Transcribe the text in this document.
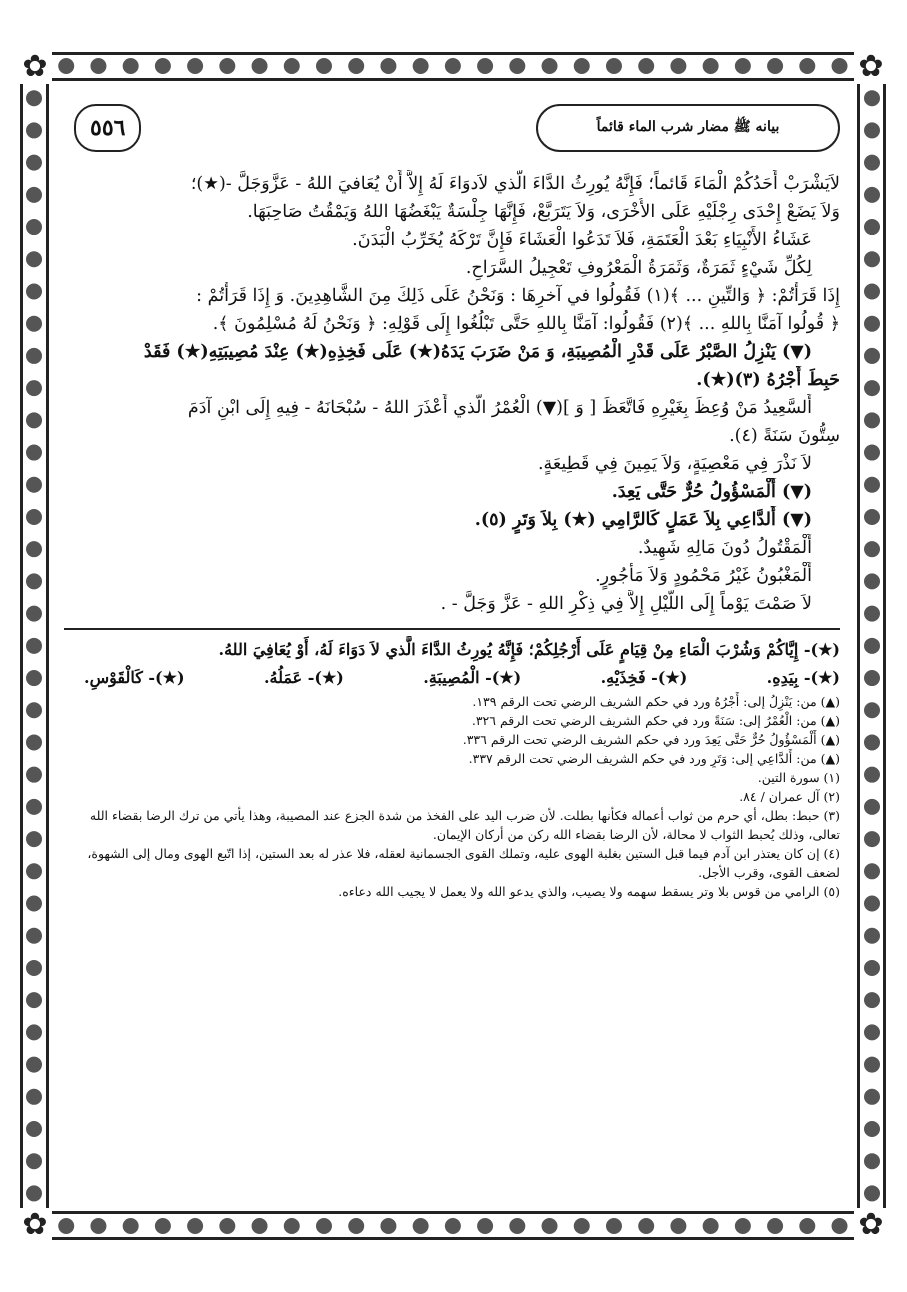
✿	✿
✿	✿
بيانه ﷺ مضار شرب الماء قائماً
٥٥٦
لاَيَشْرَبْ أَحَدُكُمْ الْمَاءَ قَائماً؛ فَإِنَّهُ يُورِثُ الدَّاءَ الَّذي لاَدوَاءَ لَهُ إِلاَّ أَنْ يُعَافيَ اللهُ - عَزَّوَجَلَّ -(★)؛
وَلاَ يَضَعْ إِحْدَى رِجْلَيْهِ عَلَى الأُخْرَى، وَلاَ يَتَرَبَّعْ، فَإِنَّهَا جِلْسَةٌ يَبْغَضُهَا اللهُ وَيَمْقُتُ صَاحِبَهَا.
عَشَاءُ الأَنْبِيَاءِ بَعْدَ الْعَتَمَةِ، فَلاَ تَدَعُوا الْعَشَاءَ فَإِنَّ تَرْكَهُ يُخَرِّبُ الْبَدَنَ.
لِكُلِّ شَيْءٍ ثَمَرَةٌ، وَثَمَرَةُ الْمَعْرُوفِ تَعْجِيلُ السَّرَاحِ.
إِذَا قَرَأْتُمْ: ﴿ وَالتِّينِ ... ﴾(١) فَقُولُوا في آخرِهَا : وَنَحْنُ عَلَى ذَلِكَ مِنَ الشَّاهِدِينَ. وَ إِذَا قَرَأْتُمْ :
﴿ قُولُوا آمَنَّا بِاللهِ ... ﴾(٢) فَقُولُوا: آمَنَّا بِاللهِ حَتَّى تَبْلُغُوا إِلَى قَوْلِهِ: ﴿ وَنَحْنُ لَهُ مُسْلِمُونَ ﴾.
(▼) يَنْزِلُ الصَّبْرُ عَلَى قَدْرِ الْمُصِيبَةِ، وَ مَنْ ضَرَبَ يَدَهُ(★) عَلَى فَخِذِهِ(★) عِنْدَ مُصِيبَتِهِ(★) فَقَدْ
حَبِطَ أَجْرُهُ (٣)(★).
أَلسَّعِيدُ مَنْ وُعِظَ بِغَيْرِهِ فَاتَّعَظَ [ وَ ](▼) الْعُمْرُ الَّذي أَعْذَرَ اللهُ - سُبْحَانَهُ - فِيهِ إِلَى ابْنِ آدَمَ
سِتُّونَ سَنَةً (٤).
لاَ نَذْرَ فِي مَعْصِيَةٍ، وَلاَ يَمِينَ فِي قَطِيعَةٍ.
(▼) أَلْمَسْؤُولُ حُرٌّ حَتَّى يَعِدَ.
(▼) أَلدَّاعِي بِلاَ عَمَلٍ كَالرَّامِي (★) بِلاَ وَتَرٍ (٥).
أَلْمَقْتُولُ دُونَ مَالِهِ شَهِيدٌ.
أَلْمَغْبُونُ غَيْرُ مَحْمُودٍ وَلاَ مَأْجُورٍ.
لاَ صَمْتَ يَوْماً إِلَى اللَّيْلِ إِلاَّ فِي ذِكْرِ اللهِ - عَزَّ وَجَلَّ - .
(★)- إِيَّاكُمْ وَشُرْبَ الْمَاءِ مِنْ قِيَامٍ عَلَى أَرْجُلِكُمْ؛ فَإِنَّهُ يُورِثُ الدَّاءَ الَّذي لاَ دَوَاءَ لَهُ، أَوْ يُعَافِيَ اللهُ.
(★)- بِيَدِهِ.
(★)- فَخِذَيْهِ.
(★)- الْمُصِيبَةِ.
(★)- عَمَلُهُ.
(★)- كَالْقَوْسِ.
(▲) من: يَنْزِلُ إلى: أَجْرُهُ ورد في حكم الشريف الرضي تحت الرقم ١٣٩.
(▲) من: الْعُمْرُ إلى: سَنَةً ورد في حكم الشريف الرضي تحت الرقم ٣٢٦.
(▲) أَلْمَسْؤُولُ حُرٌّ حَتَّى يَعِدَ ورد في حكم الشريف الرضي تحت الرقم ٣٣٦.
(▲) من: أَلدَّاعِي إلى: وَتَرٍ ورد في حكم الشريف الرضي تحت الرقم ٣٣٧.
(١) سورة التين.
(٢) آل عمران / ٨٤.
(٣) حبط: بطل، أي حرم من ثواب أعماله فكأنها بطلت. لأن ضرب اليد على الفخذ من شدة الجزع عند المصيبة، وهذا يأتي من ترك الرضا بقضاء الله تعالى، وذلك يُحبط الثواب لا محالة، لأن الرضا بقضاء الله ركن من أركان الإيمان.
(٤) إن كان يعتذر ابن آدم فيما قبل الستين بغلبة الهوى عليه، وتملك القوى الجسمانية لعقله، فلا عذر له بعد الستين، إذا اتّبع الهوى ومال إلى الشهوة، لضعف القوى، وقرب الأجل.
(٥) الرامي من قوس بلا وتر يسقط سهمه ولا يصيب، والذي يدعو الله ولا يعمل لا يجيب الله دعاءه.
